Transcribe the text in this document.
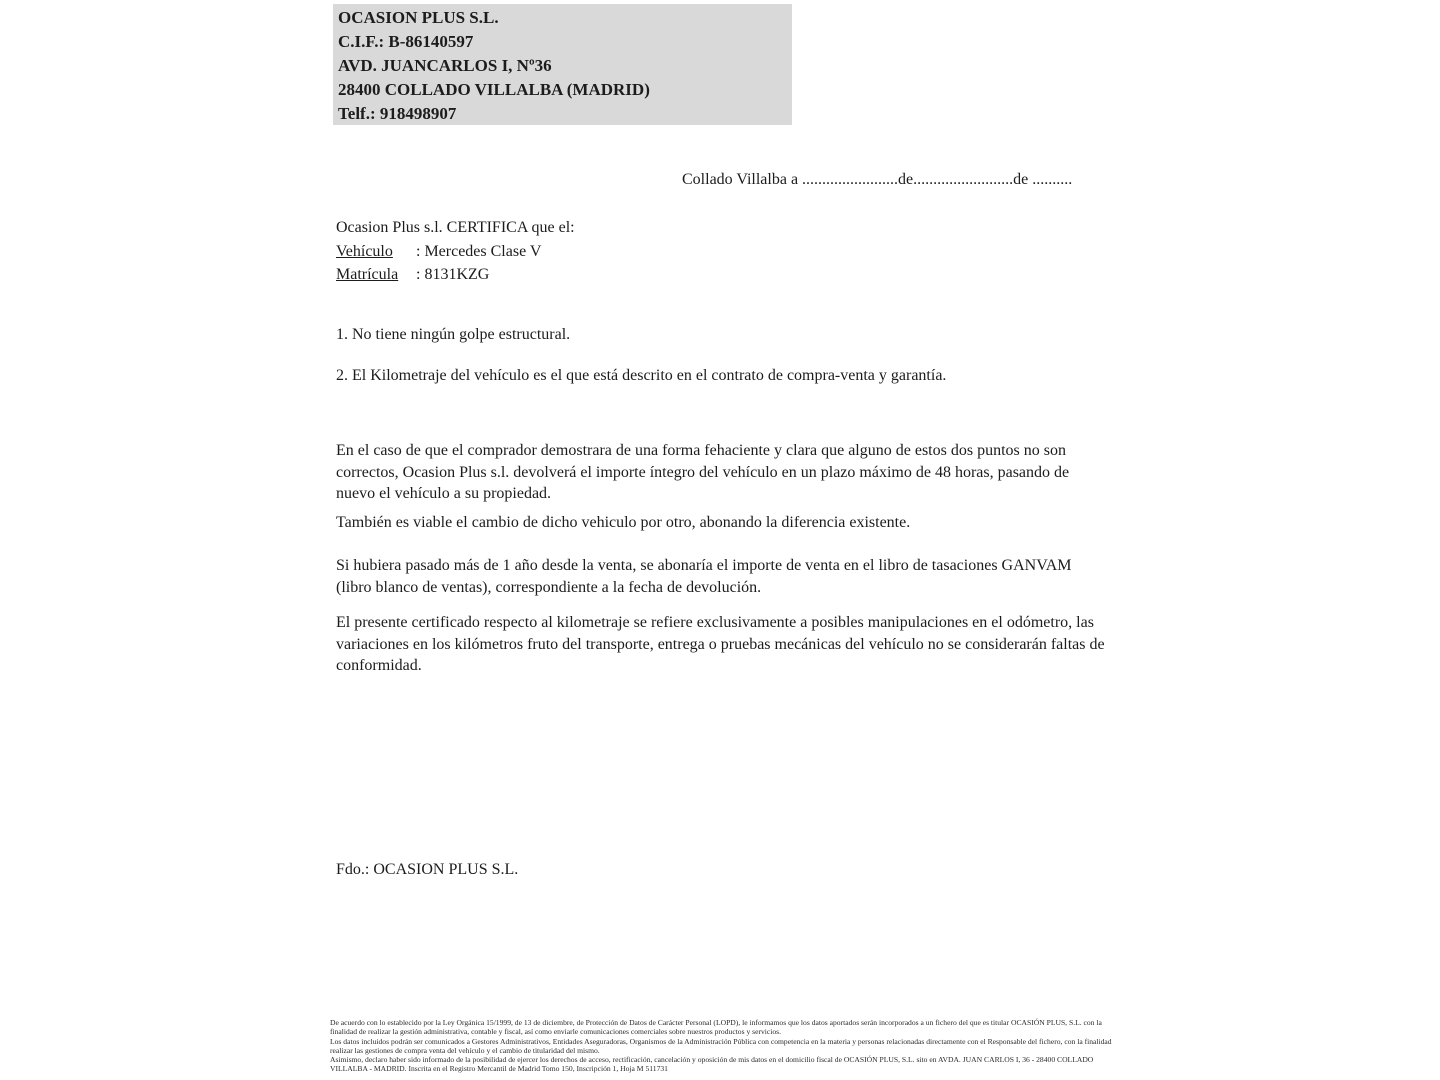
OCASION PLUS S.L.
C.I.F.: B-86140597
AVD. JUANCARLOS I, Nº36
28400 COLLADO VILLALBA (MADRID)
Telf.: 918498907
Collado Villalba a ........................de.........................de ..........
Ocasion Plus s.l. CERTIFICA que el:
Vehículo : Mercedes Clase V
Matrícula : 8131KZG
1. No tiene ningún golpe estructural.
2. El Kilometraje del vehículo es el que está descrito en el contrato de compra-venta y garantía.
En el caso de que el comprador demostrara de una forma fehaciente y clara que alguno de estos dos puntos no son correctos, Ocasion Plus s.l. devolverá el importe íntegro del vehículo en un plazo máximo de 48 horas, pasando de nuevo el vehículo a su propiedad.
También es viable el cambio de dicho vehiculo por otro, abonando la diferencia existente.
Si hubiera pasado más de 1 año desde la venta, se abonaría el importe de venta en el libro de tasaciones GANVAM (libro blanco de ventas), correspondiente a la fecha de devolución.
El presente certificado respecto al kilometraje se refiere exclusivamente a posibles manipulaciones en el odómetro, las variaciones en los kilómetros fruto del transporte, entrega o pruebas mecánicas del vehículo no se considerarán faltas de conformidad.
Fdo.: OCASION PLUS S.L.

De acuerdo con lo establecido por la Ley Orgánica 15/1999, de 13 de diciembre, de Protección de Datos de Carácter Personal (LOPD), le informamos que los datos aportados serán incorporados a un fichero del que es titular OCASIÓN PLUS, S.L. con la finalidad de realizar la gestión administrativa, contable y fiscal, así como enviarle comunicaciones comerciales sobre nuestros productos y servicios.

Los datos incluidos podrán ser comunicados a Gestores Administrativos, Entidades Aseguradoras, Organismos de la Administración Pública con competencia en la materia y personas relacionadas directamente con el Responsable del fichero, con la finalidad realizar las gestiones de compra venta del vehículo y el cambio de titularidad del mismo.

Asimismo, declaro haber sido informado de la posibilidad de ejercer los derechos de acceso, rectificación, cancelación y oposición de mis datos en el domicilio fiscal de OCASIÓN PLUS, S.L. sito en AVDA. JUAN CARLOS I, 36 - 28400 COLLADO VILLALBA - MADRID. Inscrita en el Registro Mercantil de Madrid Tomo 150, Inscripción 1, Hoja M 511731
